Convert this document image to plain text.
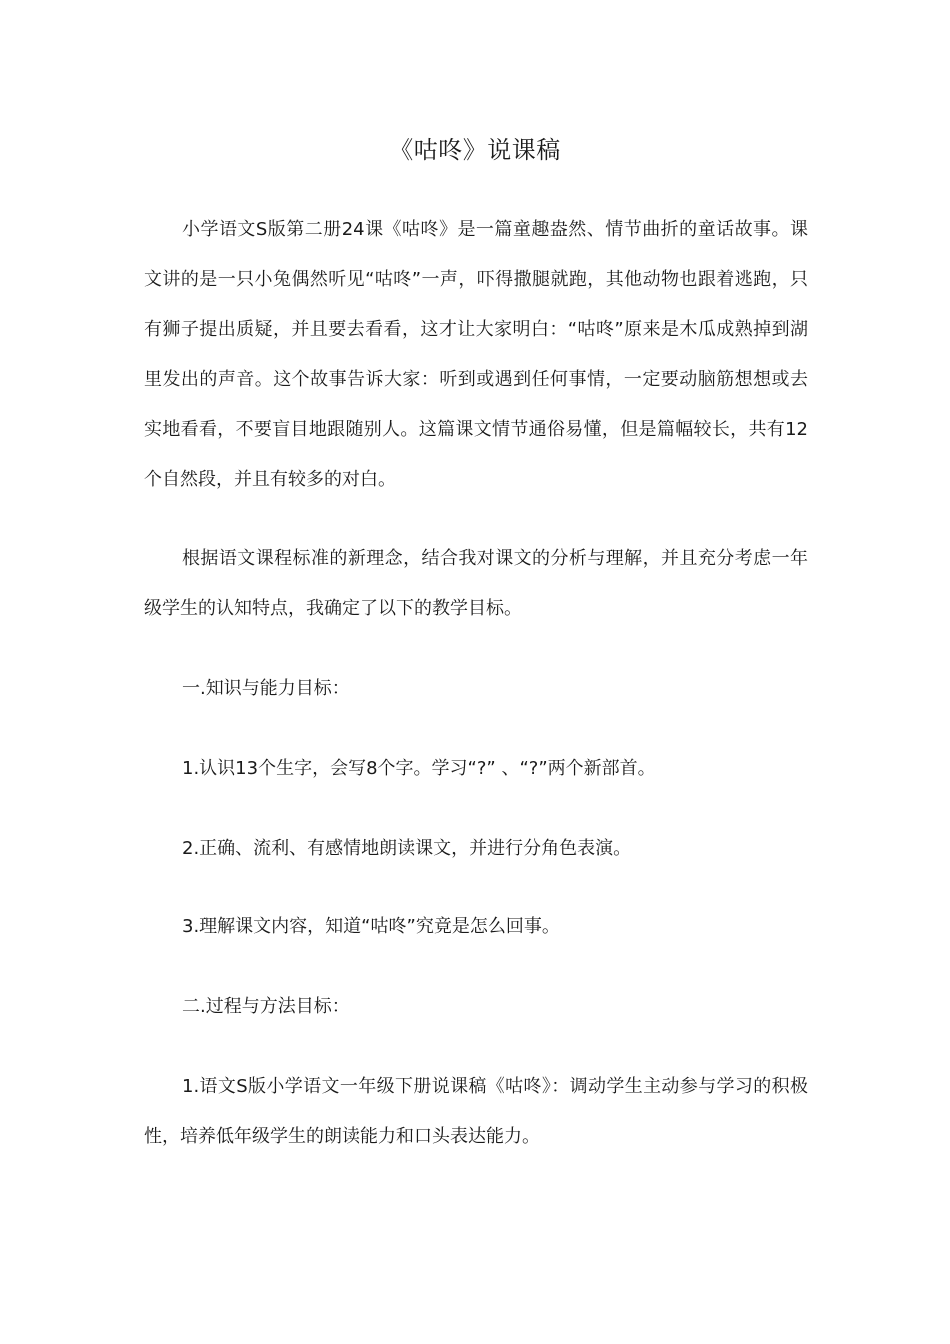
《咕咚》说课稿

小学语文S版第二册24课《咕咚》是一篇童趣盎然、情节曲折的童话故事。课文讲的是一只小兔偶然听见“咕咚”一声，吓得撒腿就跑，其他动物也跟着逃跑，只有狮子提出质疑，并且要去看看，这才让大家明白：“咕咚”原来是木瓜成熟掉到湖里发出的声音。这个故事告诉大家：听到或遇到任何事情，一定要动脑筋想想或去实地看看，不要盲目地跟随别人。这篇课文情节通俗易懂，但是篇幅较长，共有12个自然段，并且有较多的对白。

根据语文课程标准的新理念，结合我对课文的分析与理解，并且充分考虑一年级学生的认知特点，我确定了以下的教学目标。

一.知识与能力目标：

1.认识13个生字，会写8个字。学习“?” 、“?”两个新部首。

2.正确、流利、有感情地朗读课文，并进行分角色表演。

3.理解课文内容，知道“咕咚”究竟是怎么回事。

二.过程与方法目标：

1.语文S版小学语文一年级下册说课稿《咕咚》：调动学生主动参与学习的积极性，培养低年级学生的朗读能力和口头表达能力。
